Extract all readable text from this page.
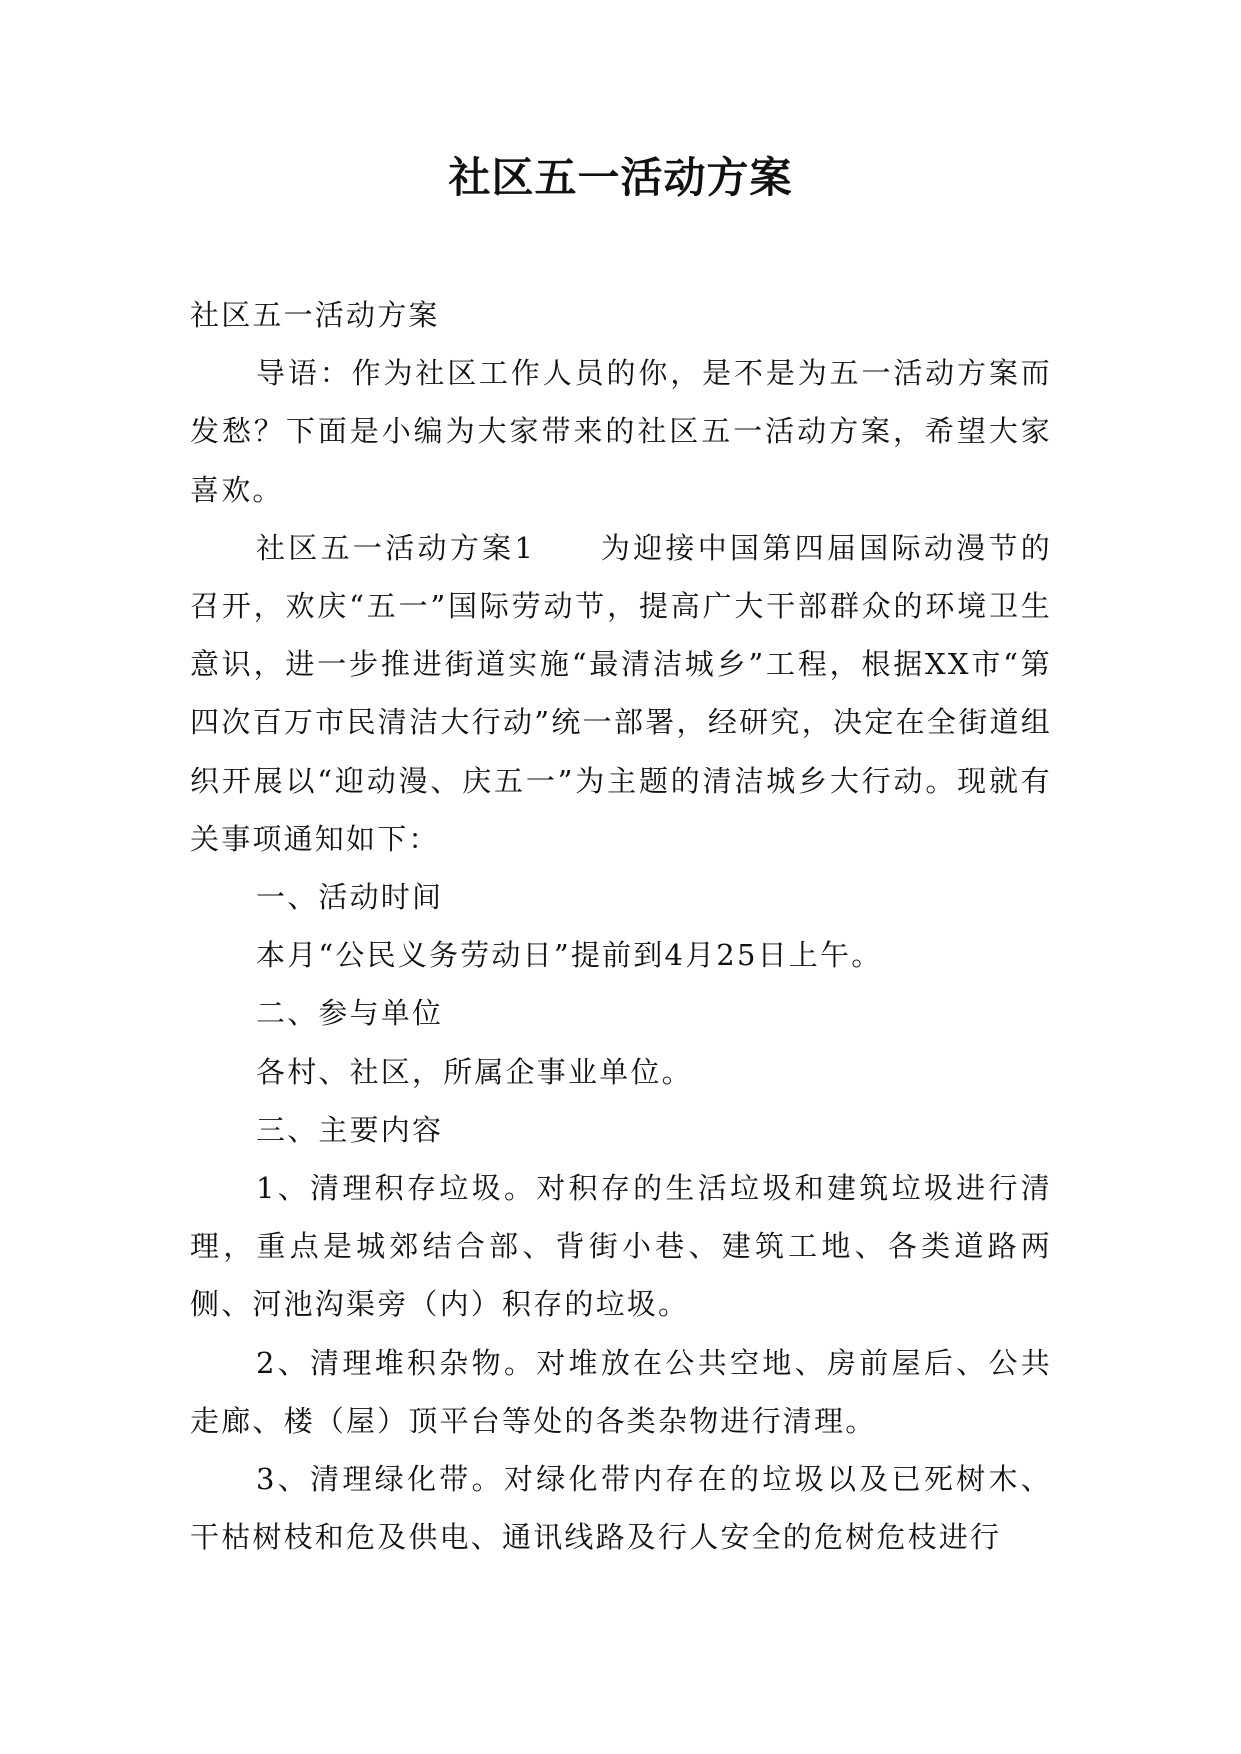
社区五一活动方案

社区五一活动方案

导语：作为社区工作人员的你，是不是为五一活动方案而发愁？下面是小编为大家带来的社区五一活动方案，希望大家喜欢。

社区五一活动方案1　　为迎接中国第四届国际动漫节的召开，欢庆“五一”国际劳动节，提高广大干部群众的环境卫生意识，进一步推进街道实施“最清洁城乡”工程，根据XX市“第四次百万市民清洁大行动”统一部署，经研究，决定在全街道组织开展以“迎动漫、庆五一”为主题的清洁城乡大行动。现就有关事项通知如下：

一、活动时间

本月“公民义务劳动日”提前到4月25日上午。

二、参与单位

各村、社区，所属企事业单位。

三、主要内容

1、清理积存垃圾。对积存的生活垃圾和建筑垃圾进行清理，重点是城郊结合部、背街小巷、建筑工地、各类道路两侧、河池沟渠旁（内）积存的垃圾。

2、清理堆积杂物。对堆放在公共空地、房前屋后、公共走廊、楼（屋）顶平台等处的各类杂物进行清理。

3、清理绿化带。对绿化带内存在的垃圾以及已死树木、干枯树枝和危及供电、通讯线路及行人安全的危树危枝进行
